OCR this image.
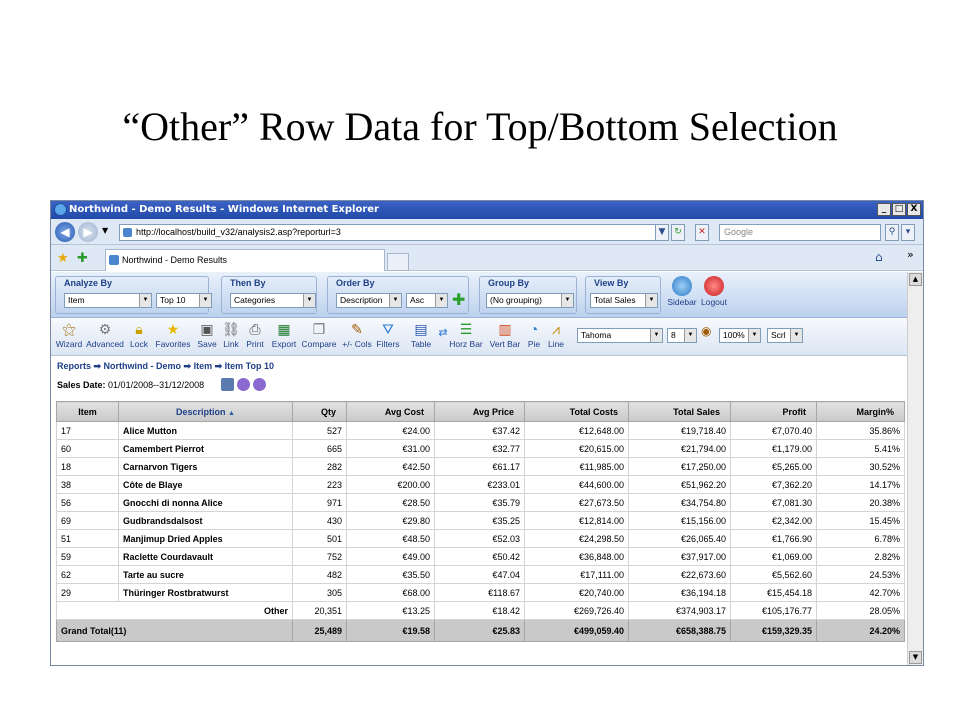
“Other” Row Data for Top/Bottom Selection
Northwind - Demo Results - Windows Internet Explorer	_ □ X
◀	▶	▼	http://localhost/build_v32/analysis2.asp?reporturl=3	▼ ↻	✕	Google	⚲	▾
★ ✚	Northwind - Demo Results	⌂ »
Analyze By
Item	▼	Top 10	▼
Then By
Categories	▼
Order By
Description	▼	Asc	▼ ✚
Group By
(No grouping)	▼
View By
Total Sales	▼ Sidebar Logout
⚝
Wizard
⚙
Advanced
🔒︎
Lock
★
Favorites
▣
Save
⛓
Link
⎙
Print
▦
Export
❐
Compare
✎
+/- Cols
⛛
Filters
▤
Table
⇄ ☰
Horz Bar
▥
Vert Bar
◔
Pie
⩘
Line
Tahoma	▼	8	▼ ◉	100%	▼	Scrl	▼
Reports ➡ Northwind - Demo ➡ Item ➡ Item Top 10
Sales Date: 01/01/2008--31/12/2008
Item	Description ▲	Qty	Avg Cost	Avg Price	Total Costs	Total Sales	Profit	Margin%
17	Alice Mutton	527	€24.00	€37.42	€12,648.00	€19,718.40	€7,070.40	35.86%
60	Camembert Pierrot	665	€31.00	€32.77	€20,615.00	€21,794.00	€1,179.00	5.41%
18	Carnarvon Tigers	282	€42.50	€61.17	€11,985.00	€17,250.00	€5,265.00	30.52%
38	Côte de Blaye	223	€200.00	€233.01	€44,600.00	€51,962.20	€7,362.20	14.17%
56	Gnocchi di nonna Alice	971	€28.50	€35.79	€27,673.50	€34,754.80	€7,081.30	20.38%
69	Gudbrandsdalsost	430	€29.80	€35.25	€12,814.00	€15,156.00	€2,342.00	15.45%
51	Manjimup Dried Apples	501	€48.50	€52.03	€24,298.50	€26,065.40	€1,766.90	6.78%
59	Raclette Courdavault	752	€49.00	€50.42	€36,848.00	€37,917.00	€1,069.00	2.82%
62	Tarte au sucre	482	€35.50	€47.04	€17,111.00	€22,673.60	€5,562.60	24.53%
29	Thüringer Rostbratwurst	305	€68.00	€118.67	€20,740.00	€36,194.18	€15,454.18	42.70%
Other		20,351	€13.25	€18.42	€269,726.40	€374,903.17	€105,176.77	28.05%
Grand Total(11)		25,489	€19.58	€25.83	€499,059.40	€658,388.75	€159,329.35	24.20%
▲
▼
